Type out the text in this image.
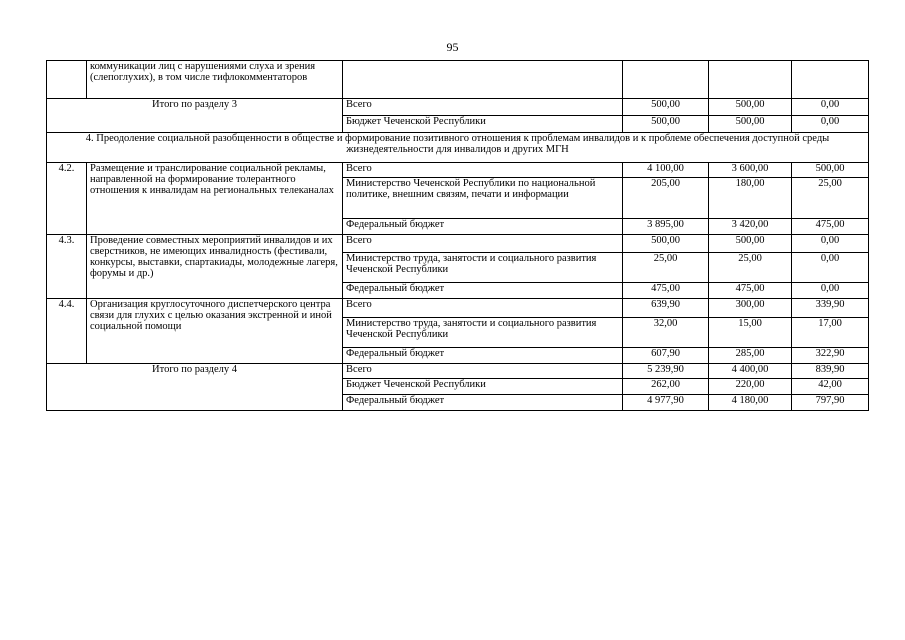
95
	коммуникации лиц с нарушениями слуха и зрения (слепоглухих), в том числе тифлокомментаторов				
Итого по разделу 3		Всего	500,00	500,00	0,00
		Бюджет Чеченской Республики	500,00	500,00	0,00
4. Преодоление социальной разобщенности в обществе и формирование позитивного отношения к проблемам инвалидов и к проблеме обеспечения доступной среды жизнедеятельности для инвалидов и других МГН					
4.2.	Размещение и транслирование социальной рекламы, направленной на формирование толерантного отношения к инвалидам на региональных телеканалах	Всего	4 100,00	3 600,00	500,00
		Министерство Чеченской Республики по национальной политике, внешним связям, печати и информации	205,00	180,00	25,00
		Федеральный бюджет	3 895,00	3 420,00	475,00
4.3.	Проведение совместных мероприятий инвалидов и их сверстников, не имеющих инвалидность (фестивали, конкурсы, выставки, спартакиады, молодежные лагеря, форумы и др.)	Всего	500,00	500,00	0,00
		Министерство труда, занятости и социального развития Чеченской Республики	25,00	25,00	0,00
		Федеральный бюджет	475,00	475,00	0,00
4.4.	Организация круглосуточного диспетчерского центра связи для глухих с целью оказания экстренной и иной социальной помощи	Всего	639,90	300,00	339,90
		Министерство труда, занятости и социального развития Чеченской Республики	32,00	15,00	17,00
		Федеральный бюджет	607,90	285,00	322,90
Итого по разделу 4		Всего	5 239,90	4 400,00	839,90
		Бюджет Чеченской Республики	262,00	220,00	42,00
		Федеральный бюджет	4 977,90	4 180,00	797,90
